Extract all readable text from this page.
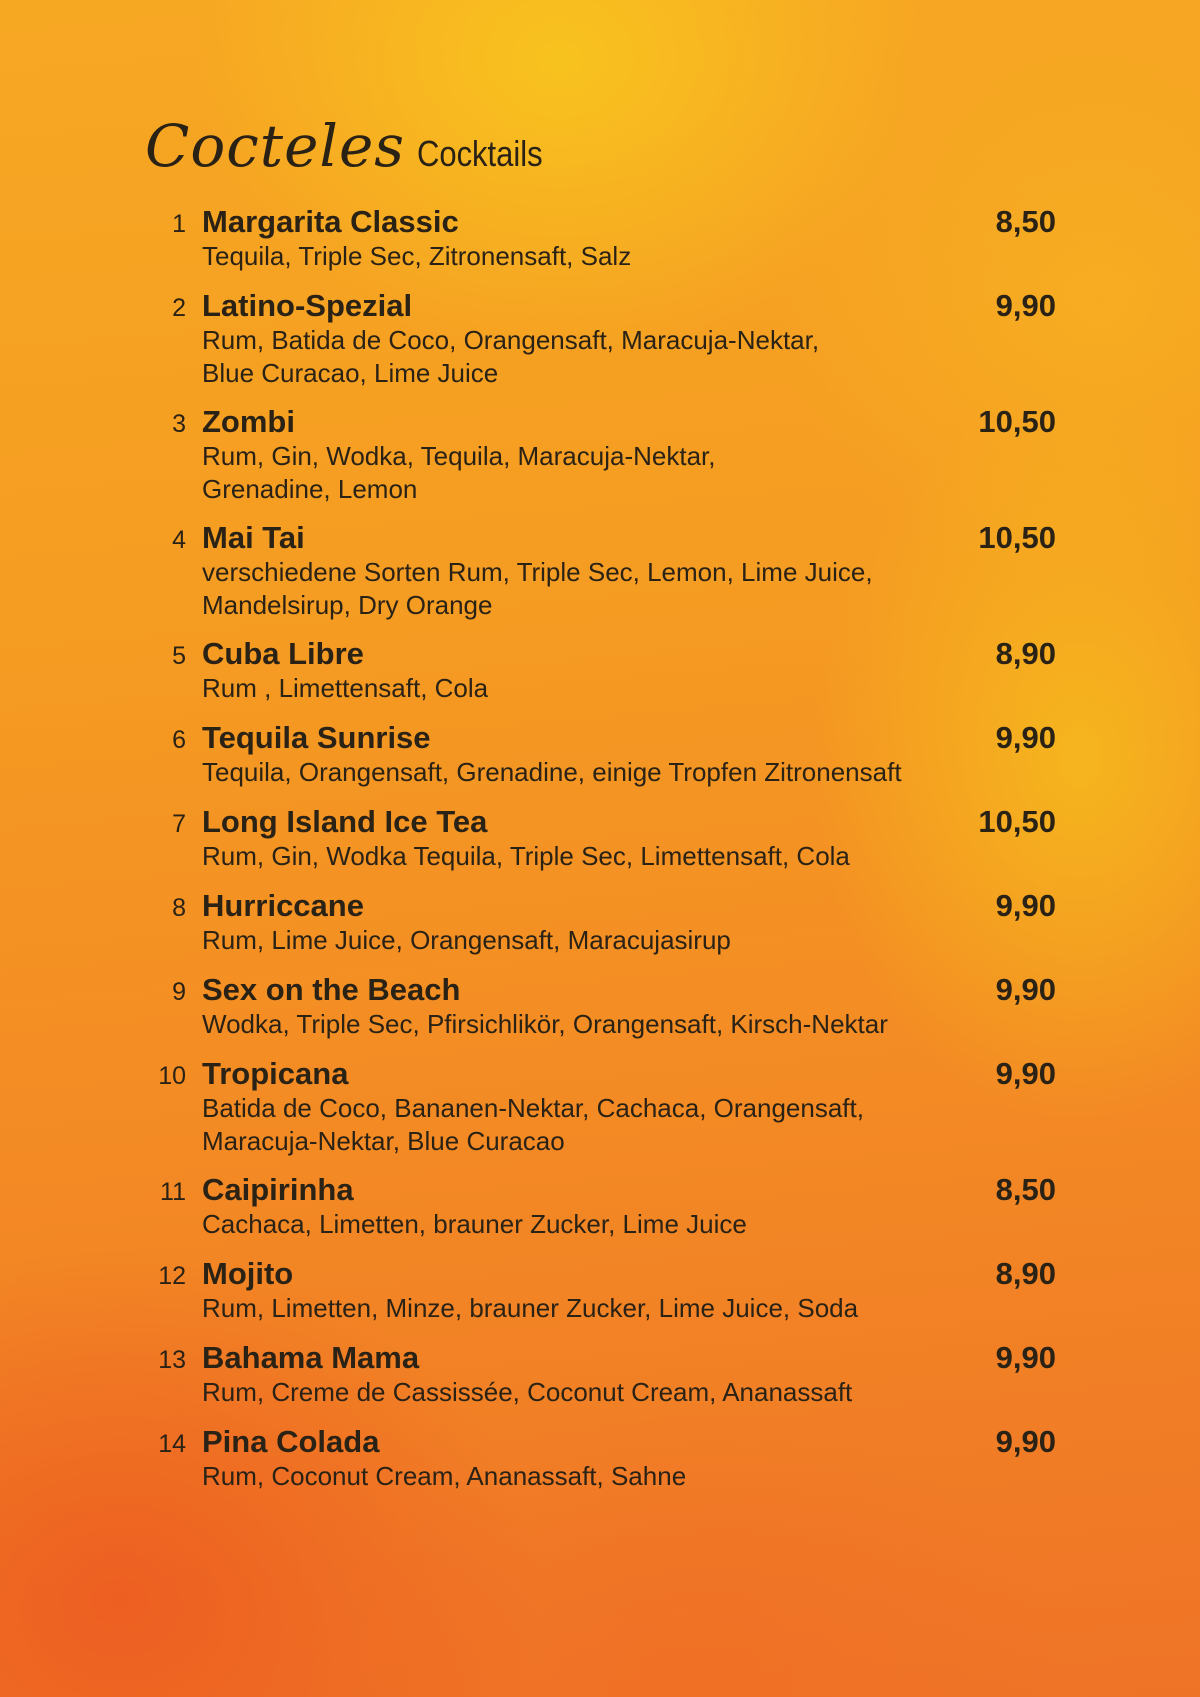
Cocteles Cocktails
1 Margarita Classic	8,50
Tequila, Triple Sec, Zitronensaft, Salz
2 Latino-Spezial	9,90
Rum, Batida de Coco, Orangensaft, Maracuja-Nektar,
Blue Curacao, Lime Juice
3 Zombi	10,50
Rum, Gin, Wodka, Tequila, Maracuja-Nektar,
Grenadine, Lemon
4 Mai Tai	10,50
verschiedene Sorten Rum, Triple Sec, Lemon, Lime Juice,
Mandelsirup, Dry Orange
5 Cuba Libre	8,90
Rum , Limettensaft, Cola
6 Tequila Sunrise	9,90
Tequila, Orangensaft, Grenadine, einige Tropfen Zitronensaft
7 Long Island Ice Tea	10,50
Rum, Gin, Wodka Tequila, Triple Sec, Limettensaft, Cola
8 Hurriccane	9,90
Rum, Lime Juice, Orangensaft, Maracujasirup
9 Sex on the Beach	9,90
Wodka, Triple Sec, Pfirsichlikör, Orangensaft, Kirsch-Nektar
10 Tropicana	9,90
Batida de Coco, Bananen-Nektar, Cachaca, Orangensaft,
Maracuja-Nektar, Blue Curacao
11 Caipirinha	8,50
Cachaca, Limetten, brauner Zucker, Lime Juice
12 Mojito	8,90
Rum, Limetten, Minze, brauner Zucker, Lime Juice, Soda
13 Bahama Mama	9,90
Rum, Creme de Cassissée, Coconut Cream, Ananassaft
14 Pina Colada	9,90
Rum, Coconut Cream, Ananassaft, Sahne
